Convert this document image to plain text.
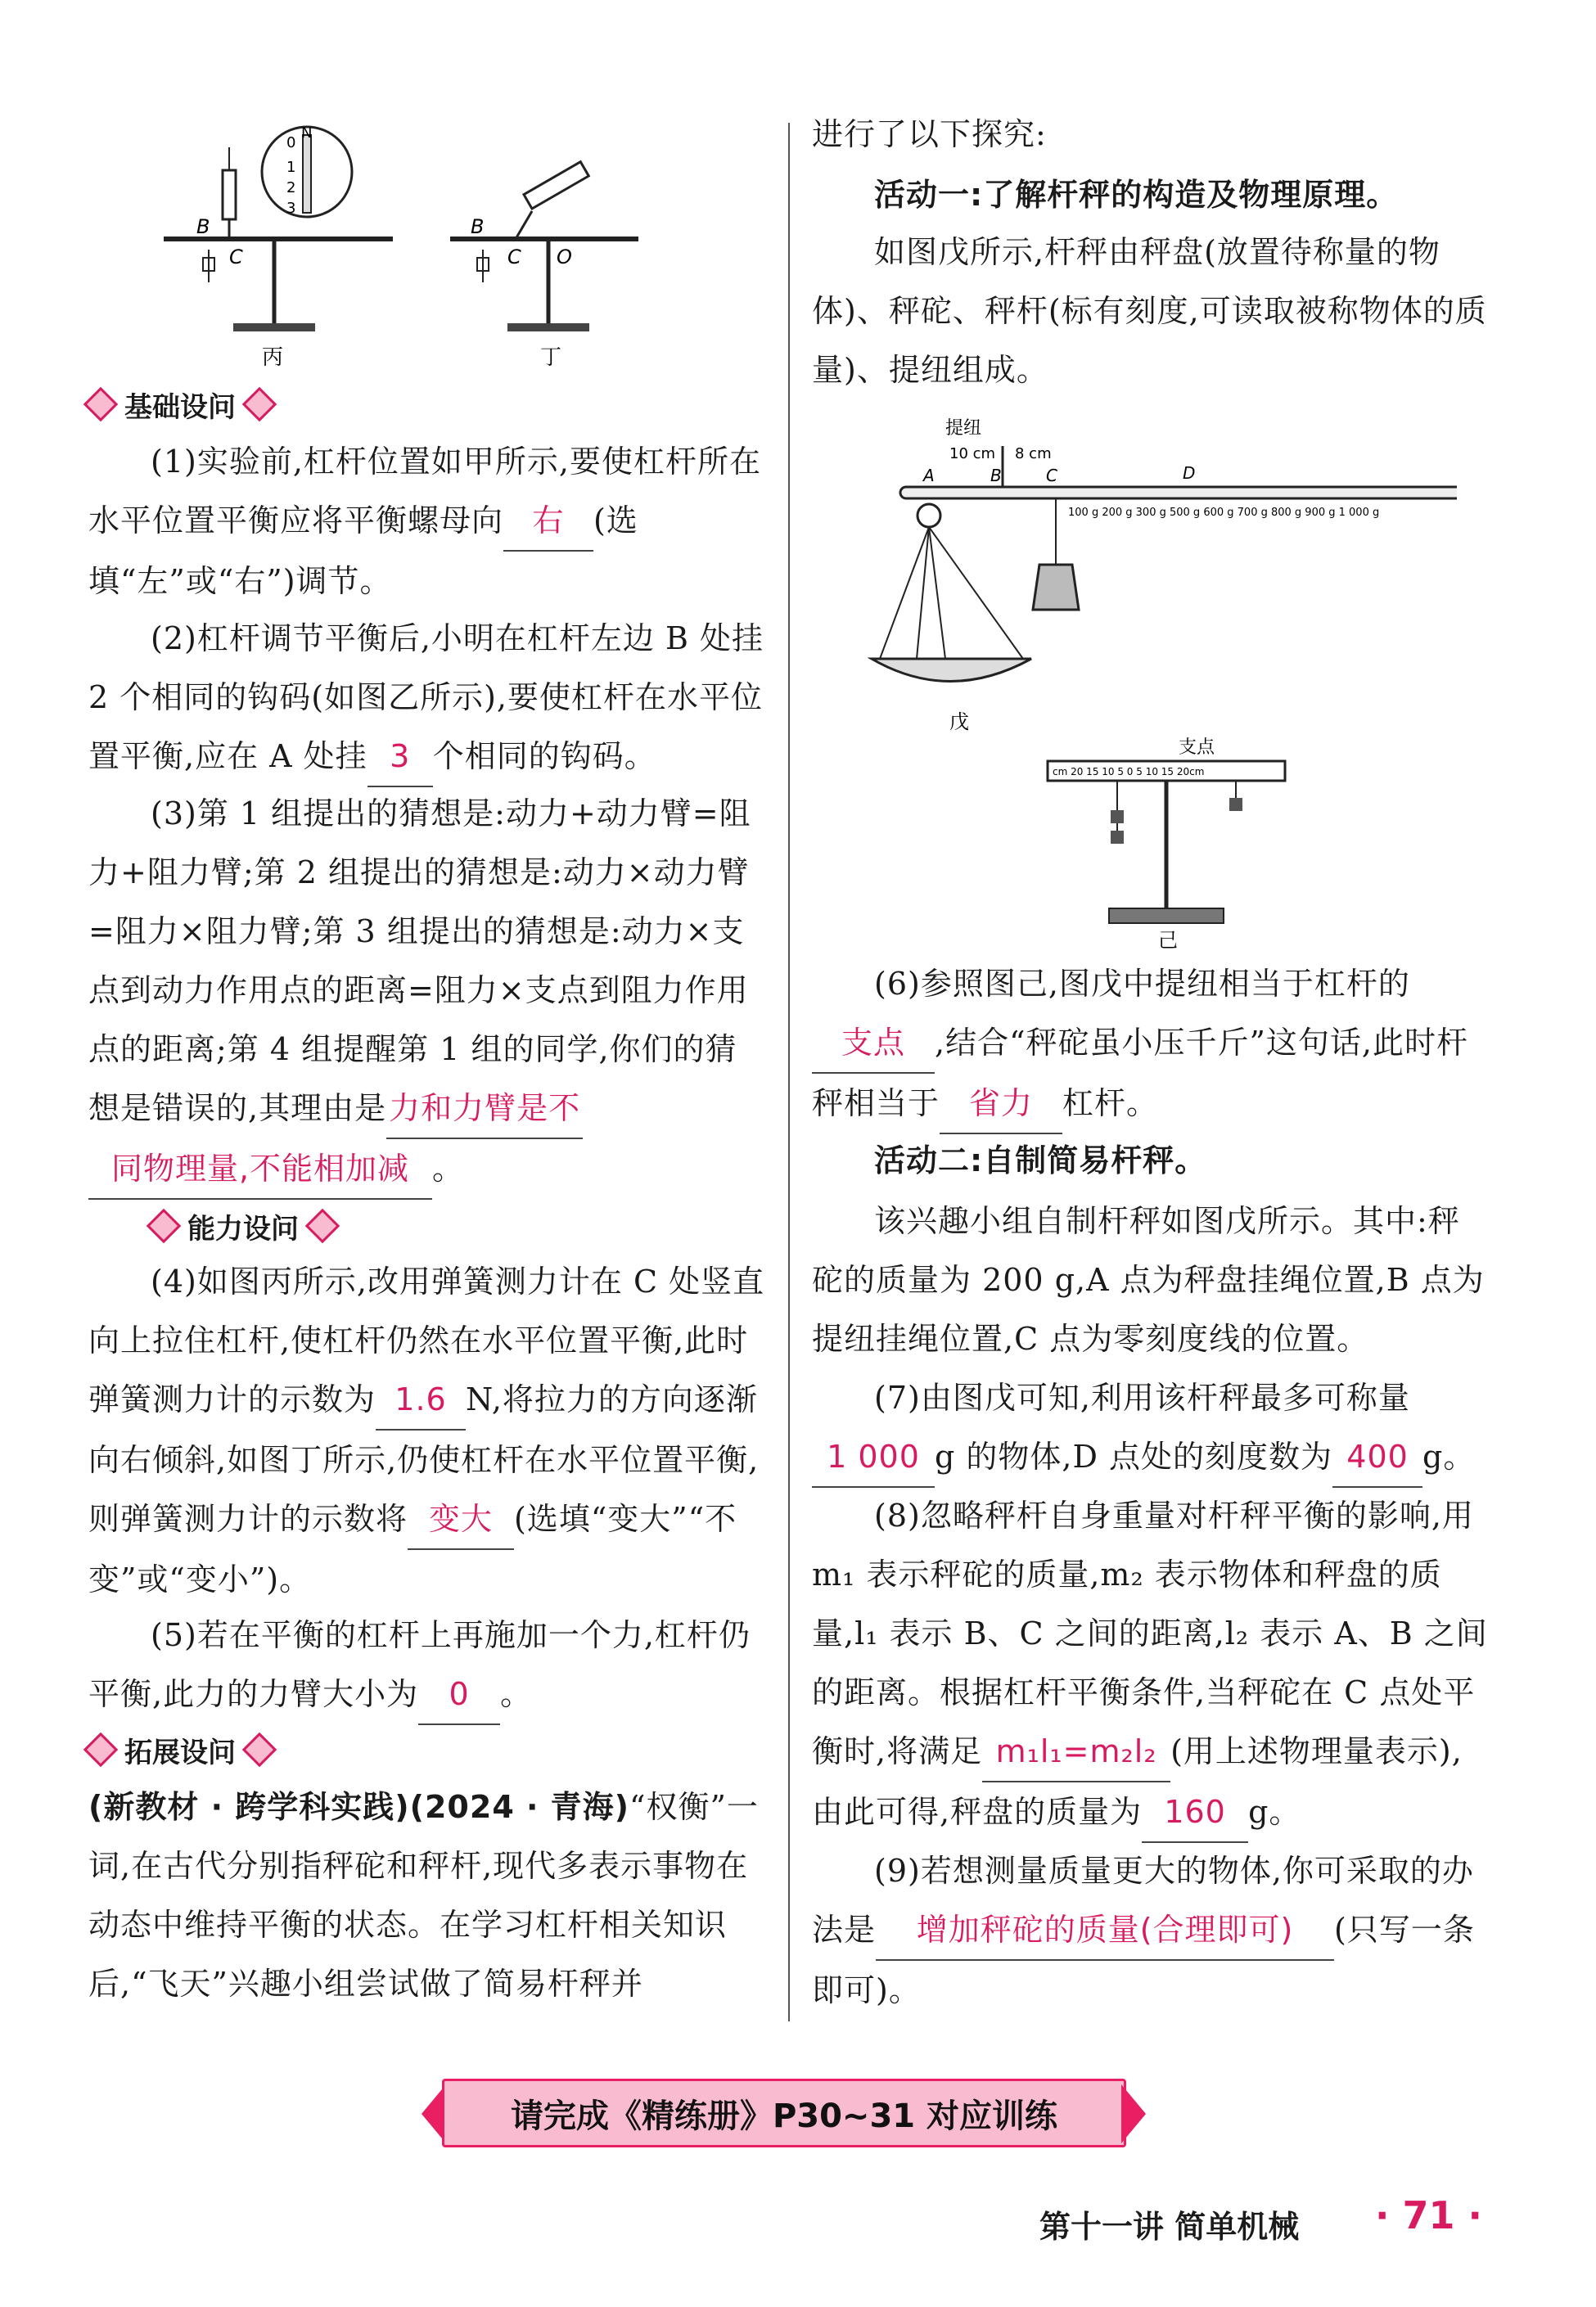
N
0
1
2
3
B
C
丙
B
C O
丁
基础设问
(1)实验前,杠杆位置如甲所示,要使杠杆所在水平位置平衡应将平衡螺母向 右 (选填“左”或“右”)调节。
(2)杠杆调节平衡后,小明在杠杆左边 B 处挂 2 个相同的钩码(如图乙所示),要使杠杆在水平位置平衡,应在 A 处挂 3 个相同的钩码。
(3)第 1 组提出的猜想是:动力+动力臂=阻力+阻力臂;第 2 组提出的猜想是:动力×动力臂=阻力×阻力臂;第 3 组提出的猜想是:动力×支点到动力作用点的距离=阻力×支点到阻力作用点的距离;第 4 组提醒第 1 组的同学,你们的猜想是错误的,其理由是力和力臂是不同物理量,不能相加减 。
能力设问
(4)如图丙所示,改用弹簧测力计在 C 处竖直向上拉住杠杆,使杠杆仍然在水平位置平衡,此时弹簧测力计的示数为 1.6 N,将拉力的方向逐渐向右倾斜,如图丁所示,仍使杠杆在水平位置平衡,则弹簧测力计的示数将 变大 (选填“变大”“不变”或“变小”)。
(5)若在平衡的杠杆上再施加一个力,杠杆仍平衡,此力的力臂大小为 0 。
拓展设问
(新教材 · 跨学科实践)(2024 · 青海)“权衡”一词,在古代分别指秤砣和秤杆,现代多表示事物在动态中维持平衡的状态。在学习杠杆相关知识后,“飞天”兴趣小组尝试做了简易杆秤并
进行了以下探究:
活动一:了解杆秤的构造及物理原理。
如图戊所示,杆秤由秤盘(放置待称量的物体)、秤砣、秤杆(标有刻度,可读取被称物体的质量)、提纽组成。
提纽
10 cm 8 cm
A	B	C	D
100 g 200 g 300 g 500 g 600 g 700 g 800 g 900 g 1 000 g
戊
支点
cm 20 15 10 5 0 5 10 15 20cm
己
(6)参照图己,图戊中提纽相当于杠杆的支点 ,结合“秤砣虽小压千斤”这句话,此时杆秤相当于 省力 杠杆。
活动二:自制简易杆秤。
该兴趣小组自制杆秤如图戊所示。其中:秤砣的质量为 200 g,A 点为秤盘挂绳位置,B 点为提纽挂绳位置,C 点为零刻度线的位置。
(7)由图戊可知,利用该杆秤最多可称量1 000 g 的物体,D 点处的刻度数为 400 g。
(8)忽略秤杆自身重量对杆秤平衡的影响,用 m₁ 表示秤砣的质量,m₂ 表示物体和秤盘的质量,l₁ 表示 B、C 之间的距离,l₂ 表示 A、B 之间的距离。根据杠杆平衡条件,当秤砣在 C 点处平衡时,将满足 m₁l₁=m₂l₂ (用上述物理量表示),由此可得,秤盘的质量为 160 g。
(9)若想测量质量更大的物体,你可采取的办法是 增加秤砣的质量(合理即可) (只写一条即可)。
请完成《精练册》P30~31 对应训练
第十一讲 简单机械 · 71 ·
